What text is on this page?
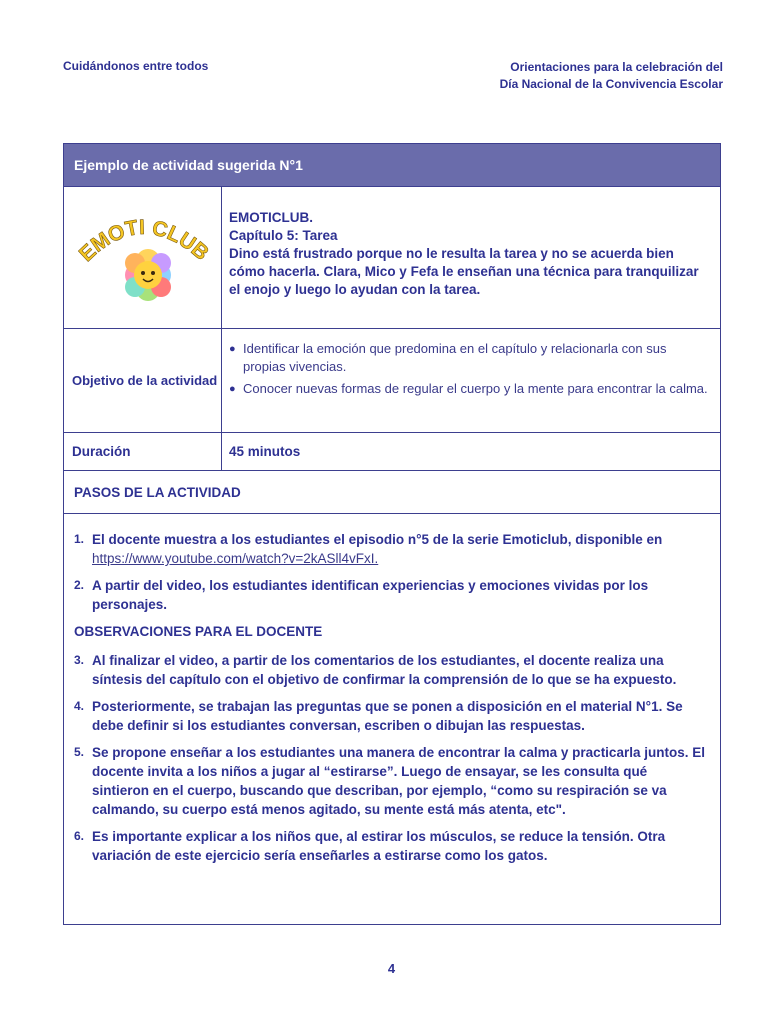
Cuidándonos entre todos	Orientaciones para la celebración del
Día Nacional de la Convivencia Escolar
Ejemplo de actividad sugerida N°1
EMOTI CLUB
EMOTICLUB.
Capítulo 5: Tarea
Dino está frustrado porque no le resulta la tarea y no se acuerda bien cómo hacerla. Clara, Mico y Fefa le enseñan una técnica para tranquilizar el enojo y luego lo ayudan con la tarea.
Objetivo de la actividad
● Identificar la emoción que predomina en el capítulo y relacionarla con sus propias vivencias.
● Conocer nuevas formas de regular el cuerpo y la mente para encontrar la calma.
Duración	45 minutos
PASOS DE LA ACTIVIDAD
1. El docente muestra a los estudiantes el episodio n°5 de la serie Emoticlub, disponible en https://www.youtube.com/watch?v=2kASll4vFxI.
2. A partir del video, los estudiantes identifican experiencias y emociones vividas por los personajes.
OBSERVACIONES PARA EL DOCENTE
3. Al finalizar el video, a partir de los comentarios de los estudiantes, el docente realiza una síntesis del capítulo con el objetivo de confirmar la comprensión de lo que se ha expuesto.
4. Posteriormente, se trabajan las preguntas que se ponen a disposición en el material N°1. Se debe definir si los estudiantes conversan, escriben o dibujan las respuestas.
5. Se propone enseñar a los estudiantes una manera de encontrar la calma y practicarla juntos. El docente invita a los niños a jugar al “estirarse”. Luego de ensayar, se les consulta qué sintieron en el cuerpo, buscando que describan, por ejemplo, “como su respiración se va calmando, su cuerpo está menos agitado, su mente está más atenta, etc".
6. Es importante explicar a los niños que, al estirar los músculos, se reduce la tensión. Otra variación de este ejercicio sería enseñarles a estirarse como los gatos.
4
